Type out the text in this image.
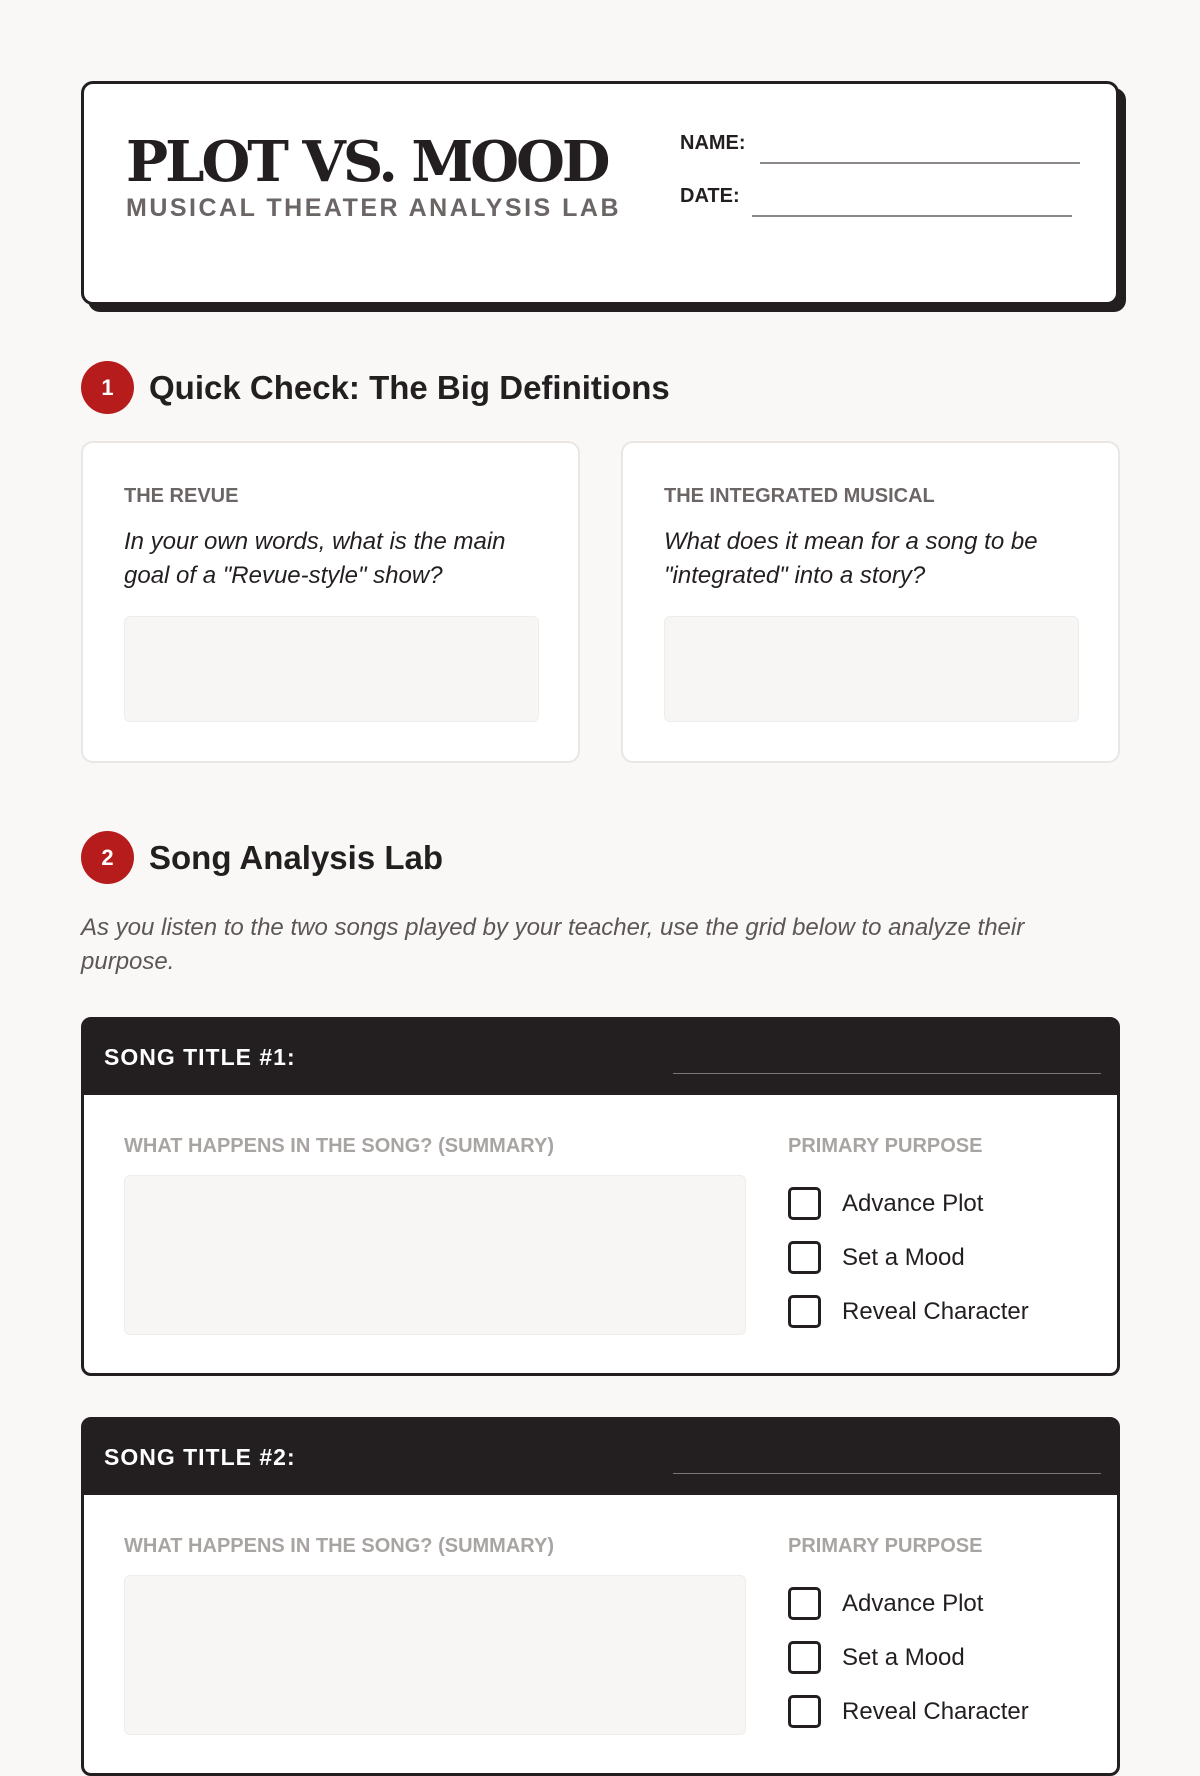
PLOT VS. MOOD
MUSICAL THEATER ANALYSIS LAB
NAME:
DATE:
1	Quick Check: The Big Definitions
THE REVUE
In your own words, what is the main goal of a "Revue-style" show?
THE INTEGRATED MUSICAL
What does it mean for a song to be "integrated" into a story?
2	Song Analysis Lab
As you listen to the two songs played by your teacher, use the grid below to analyze their purpose.
SONG TITLE #1:
WHAT HAPPENS IN THE SONG? (SUMMARY)	PRIMARY PURPOSE
Advance Plot
Set a Mood
Reveal Character
SONG TITLE #2:
WHAT HAPPENS IN THE SONG? (SUMMARY)	PRIMARY PURPOSE
Advance Plot
Set a Mood
Reveal Character
